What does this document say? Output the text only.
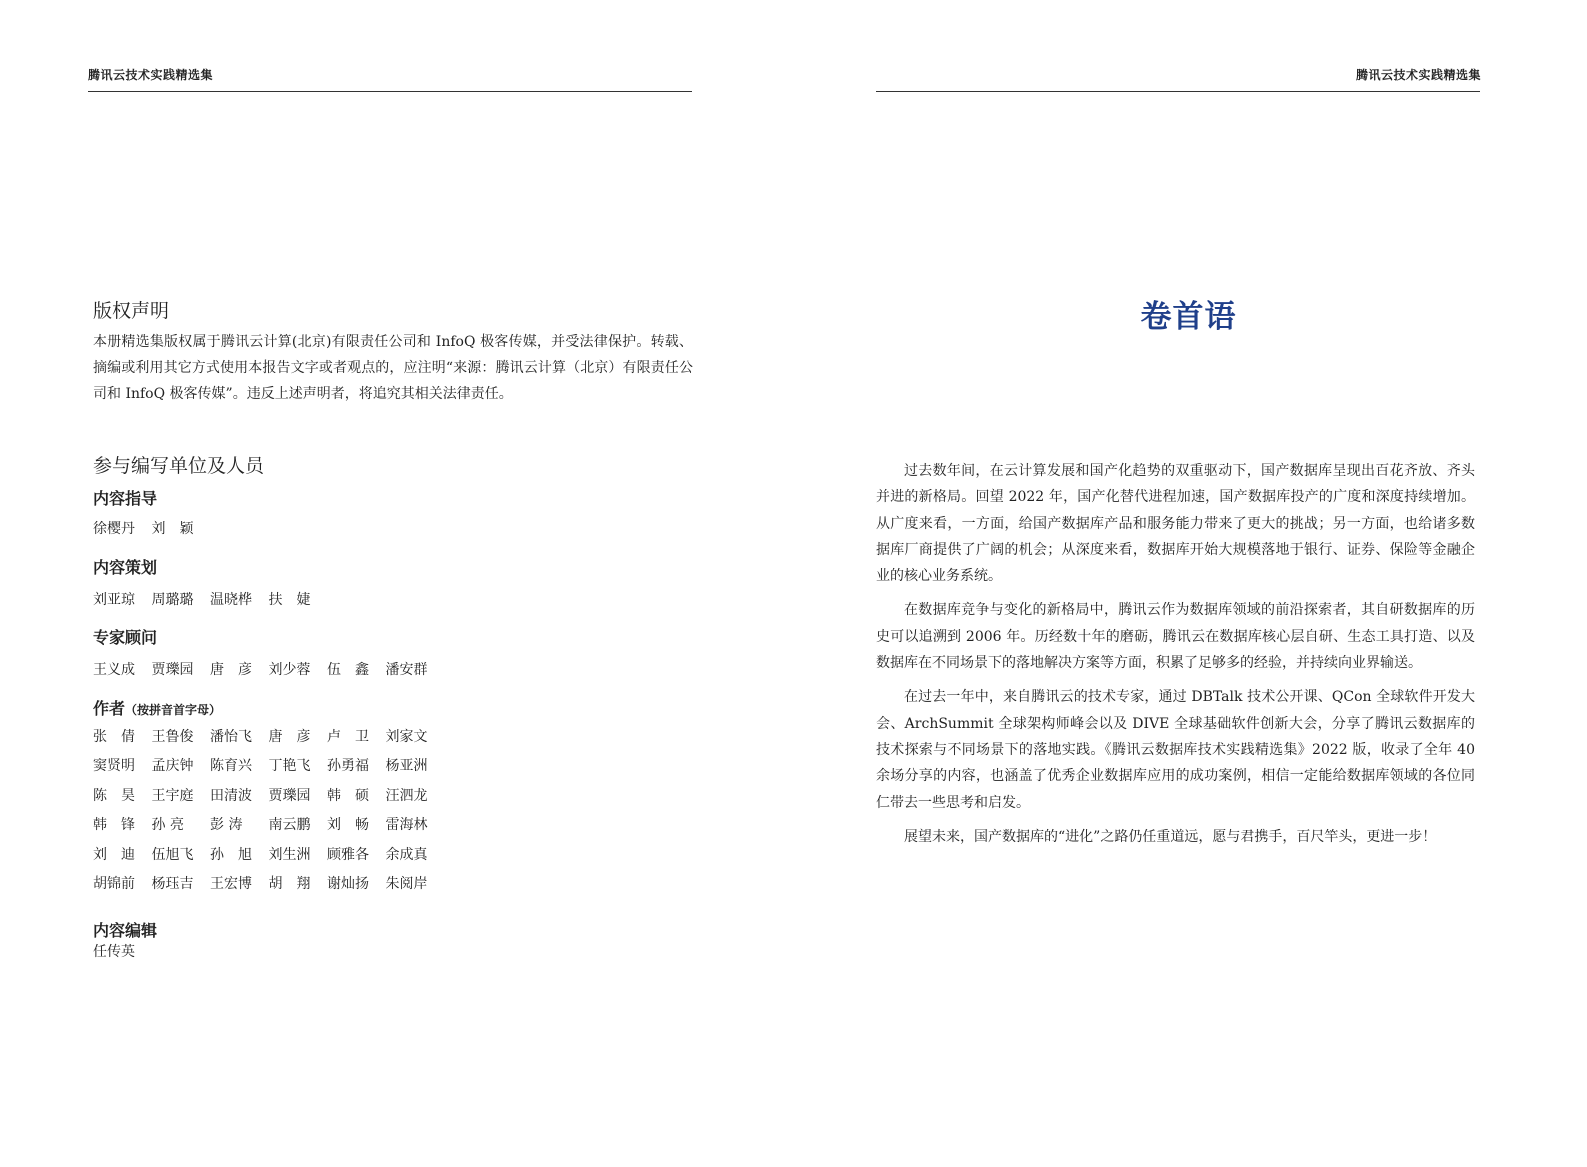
腾讯云技术实践精选集
版权声明

本册精选集版权属于腾讯云计算(北京)有限责任公司和 InfoQ 极客传媒，并受法律保护。转载、摘编或利用其它方式使用本报告文字或者观点的，应注明“来源：腾讯云计算（北京）有限责任公司和 InfoQ 极客传媒”。违反上述声明者，将追究其相关法律责任。

参与编写单位及人员
内容指导
徐樱丹	刘　颖
内容策划
刘亚琼	周璐璐	温晓桦	扶　婕
专家顾问
王义成	贾瓅园	唐　彦	刘少蓉	伍　鑫	潘安群
作者（按拼音首字母）
张　倩	王鲁俊	潘怡飞	唐　彦	卢　卫	刘家文
窦贤明	孟庆钟	陈育兴	丁艳飞	孙勇福	杨亚洲
陈　昊	王宇庭	田清波	贾瓅园	韩　硕	汪泗龙
韩　锋	孙 亮	彭 涛	南云鹏	刘　畅	雷海林
刘　迪	伍旭飞	孙　旭	刘生洲	顾雅各	余成真
胡锦前	杨珏吉	王宏博	胡　翔	谢灿扬	朱阅岸
内容编辑
任传英
腾讯云技术实践精选集
卷首语

过去数年间，在云计算发展和国产化趋势的双重驱动下，国产数据库呈现出百花齐放、齐头并进的新格局。回望 2022 年，国产化替代进程加速，国产数据库投产的广度和深度持续增加。从广度来看，一方面，给国产数据库产品和服务能力带来了更大的挑战；另一方面，也给诸多数据库厂商提供了广阔的机会；从深度来看，数据库开始大规模落地于银行、证券、保险等金融企业的核心业务系统。

在数据库竞争与变化的新格局中，腾讯云作为数据库领域的前沿探索者，其自研数据库的历史可以追溯到 2006 年。历经数十年的磨砺，腾讯云在数据库核心层自研、生态工具打造、以及数据库在不同场景下的落地解决方案等方面，积累了足够多的经验，并持续向业界输送。

在过去一年中，来自腾讯云的技术专家，通过 DBTalk 技术公开课、QCon 全球软件开发大会、ArchSummit 全球架构师峰会以及 DIVE 全球基础软件创新大会，分享了腾讯云数据库的技术探索与不同场景下的落地实践。《腾讯云数据库技术实践精选集》2022 版，收录了全年 40 余场分享的内容，也涵盖了优秀企业数据库应用的成功案例，相信一定能给数据库领域的各位同仁带去一些思考和启发。

展望未来，国产数据库的“进化”之路仍任重道远，愿与君携手，百尺竿头，更进一步！
